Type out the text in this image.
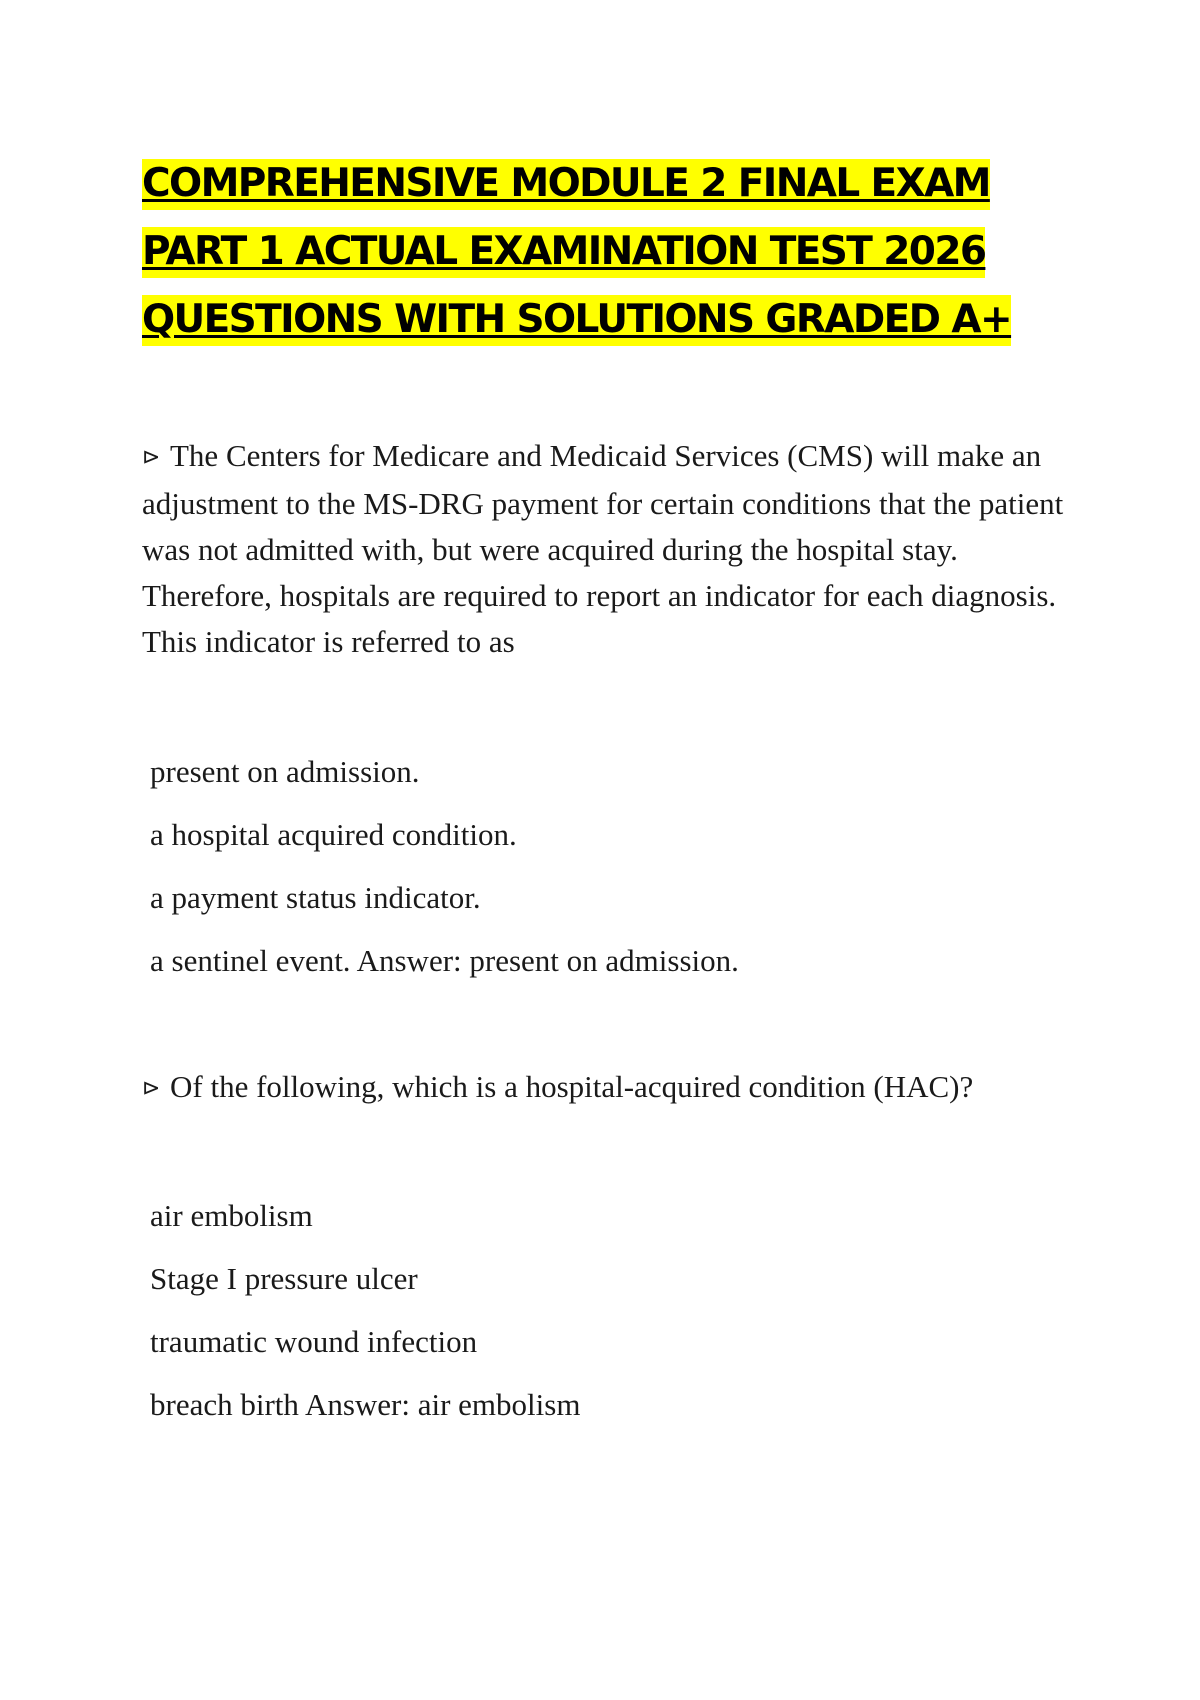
COMPREHENSIVE MODULE 2 FINAL EXAM
PART 1 ACTUAL EXAMINATION TEST 2026
QUESTIONS WITH SOLUTIONS GRADED A+

⊳ The Centers for Medicare and Medicaid Services (CMS) will make an adjustment to the MS-DRG payment for certain conditions that the patient was not admitted with, but were acquired during the hospital stay. Therefore, hospitals are required to report an indicator for each diagnosis. This indicator is referred to as

present on admission.

a hospital acquired condition.

a payment status indicator.

a sentinel event. Answer: present on admission.

⊳ Of the following, which is a hospital-acquired condition (HAC)?

air embolism

Stage I pressure ulcer

traumatic wound infection

breach birth Answer: air embolism
